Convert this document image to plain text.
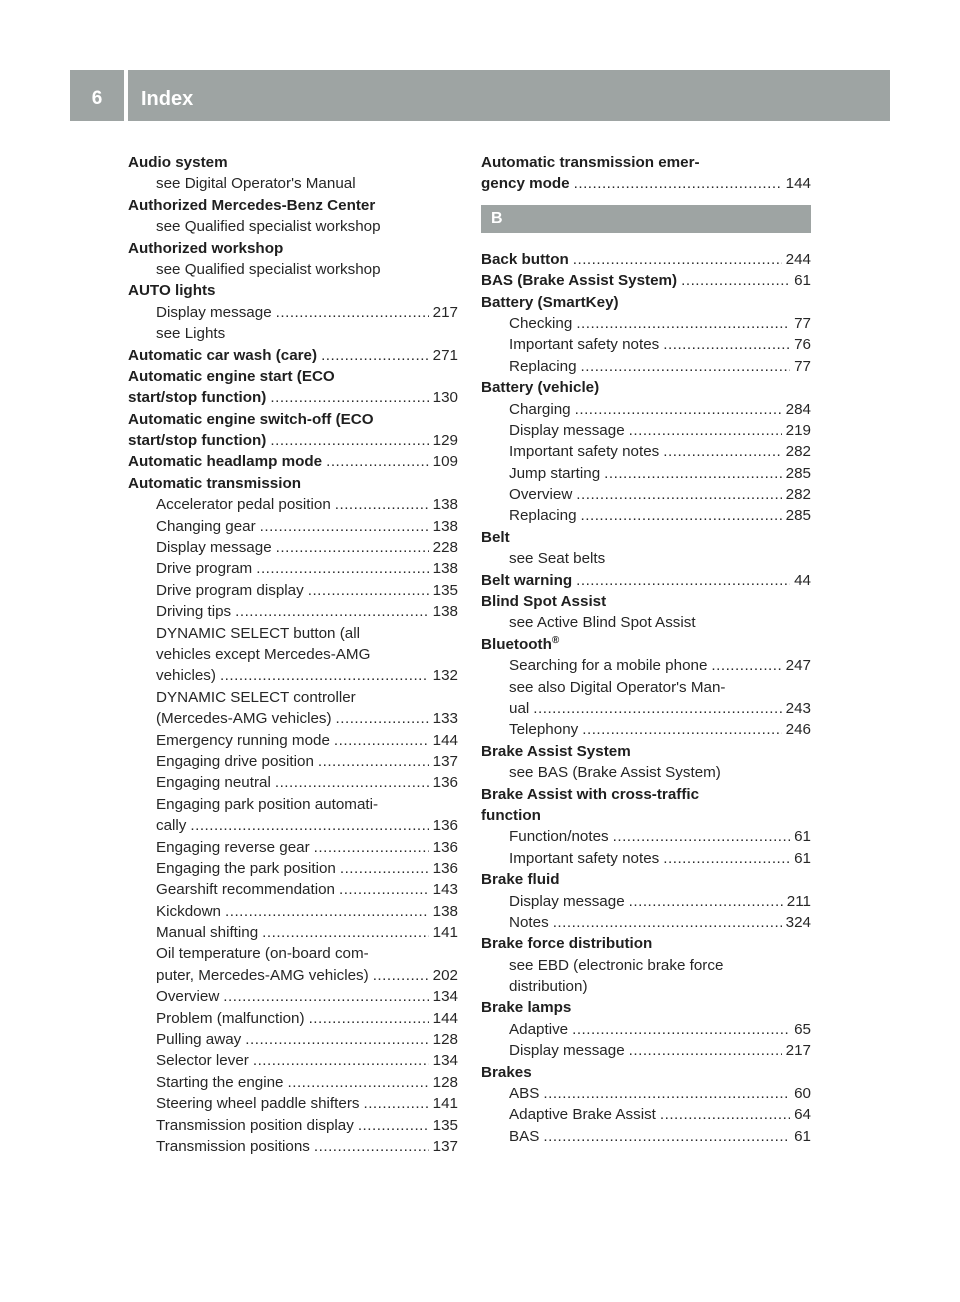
6	Index
Audio system
see Digital Operator's Manual
Authorized Mercedes-Benz Center
see Qualified specialist workshop
Authorized workshop
see Qualified specialist workshop
AUTO lights
Display message .....	217
see Lights
Automatic car wash (care) .....	271
Automatic engine start (ECO
start/stop function) .....	130
Automatic engine switch-off (ECO
start/stop function) .....	129
Automatic headlamp mode .....	109
Automatic transmission
Accelerator pedal position .....	138
Changing gear .....	138
Display message .....	228
Drive program .....	138
Drive program display .....	135
Driving tips .....	138
DYNAMIC SELECT button (all
vehicles except Mercedes-AMG
vehicles) .....	132
DYNAMIC SELECT controller
(Mercedes-AMG vehicles) .....	133
Emergency running mode .....	144
Engaging drive position .....	137
Engaging neutral .....	136
Engaging park position automati-
cally .....	136
Engaging reverse gear .....	136
Engaging the park position .....	136
Gearshift recommendation .....	143
Kickdown .....	138
Manual shifting .....	141
Oil temperature (on-board com-
puter, Mercedes-AMG vehicles) .....	202
Overview .....	134
Problem (malfunction) .....	144
Pulling away .....	128
Selector lever .....	134
Starting the engine .....	128
Steering wheel paddle shifters .....	141
Transmission position display .....	135
Transmission positions .....	137
Automatic transmission emer-
gency mode .....	144
B
Back button .....	244
BAS (Brake Assist System) .....	61
Battery (SmartKey)
Checking .....	77
Important safety notes .....	76
Replacing .....	77
Battery (vehicle)
Charging .....	284
Display message .....	219
Important safety notes .....	282
Jump starting .....	285
Overview .....	282
Replacing .....	285
Belt
see Seat belts
Belt warning .....	44
Blind Spot Assist
see Active Blind Spot Assist
Bluetooth®
Searching for a mobile phone .....	247
see also Digital Operator's Man-
ual .....	243
Telephony .....	246
Brake Assist System
see BAS (Brake Assist System)
Brake Assist with cross-traffic
function
Function/notes .....	61
Important safety notes .....	61
Brake fluid
Display message .....	211
Notes .....	324
Brake force distribution
see EBD (electronic brake force
distribution)
Brake lamps
Adaptive .....	65
Display message .....	217
Brakes
ABS .....	60
Adaptive Brake Assist .....	64
BAS .....	61
